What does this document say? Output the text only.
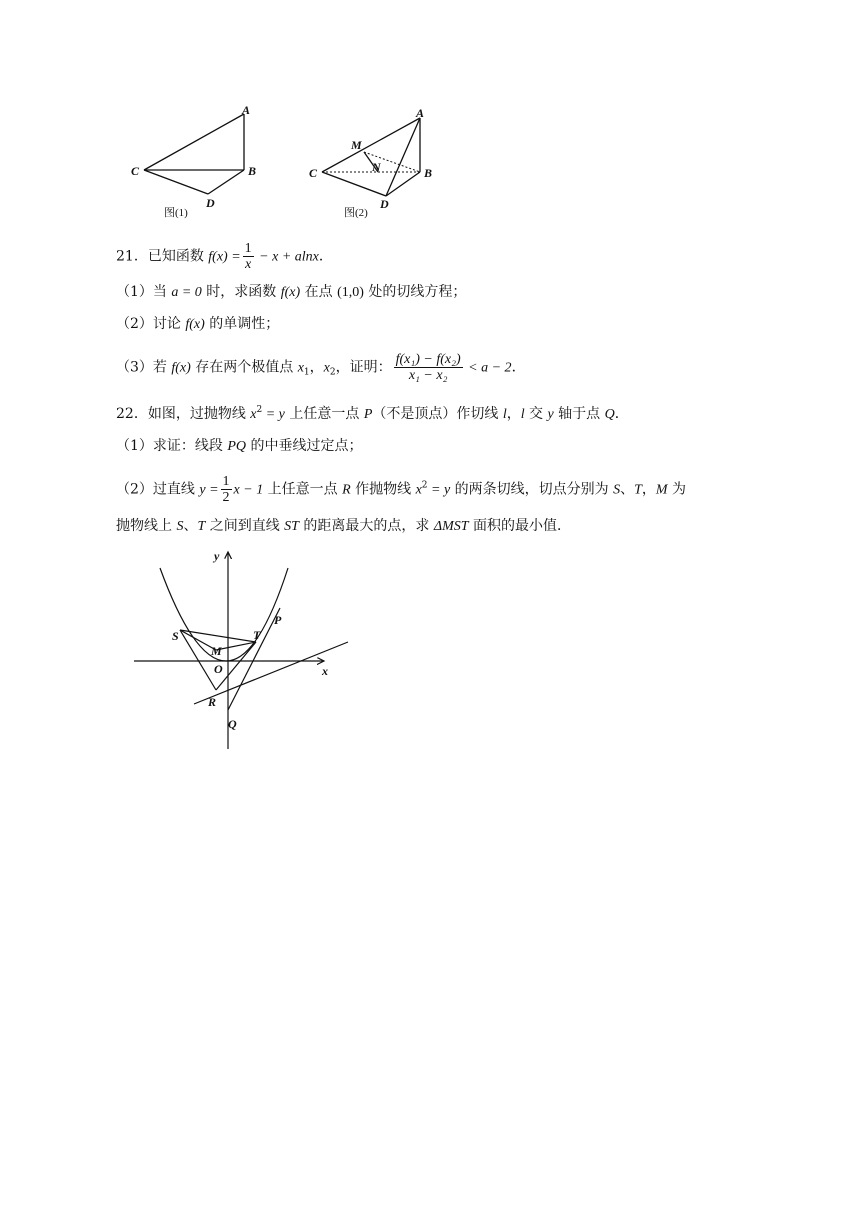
A
B
C
D
图(1)
A
M
N
C	B
D
图(2)
21．已知函数 $f(x) = \frac{1}{x} - x + alnx$．
（1）当 a = 0 时，求函数 f(x) 在点 (1,0) 处的切线方程；
（2）讨论 f(x) 的单调性；
（3）若 f(x) 存在两个极值点 $x_1$，$x_2$，证明： $\frac{\text{f(x₁) − f(x₂)}}{\text{x₁ − x₂}} < a - 2$．
22．如图，过抛物线 $x^2 = y$ 上任意一点 P（不是顶点）作切线 l，l 交 y 轴于点 Q．
（1）求证：线段 PQ 的中垂线过定点；
（2）过直线 $y = \frac{1}{2}$ x − 1 上任意一点 R 作抛物线 $x^2 = y$ 的两条切线，切点分别为 S、T，M 为
抛物线上 S、T 之间到直线 ST 的距离最大的点，求 ΔMST 面积的最小值．
y
x
S	T
P
M
O
R
Q
